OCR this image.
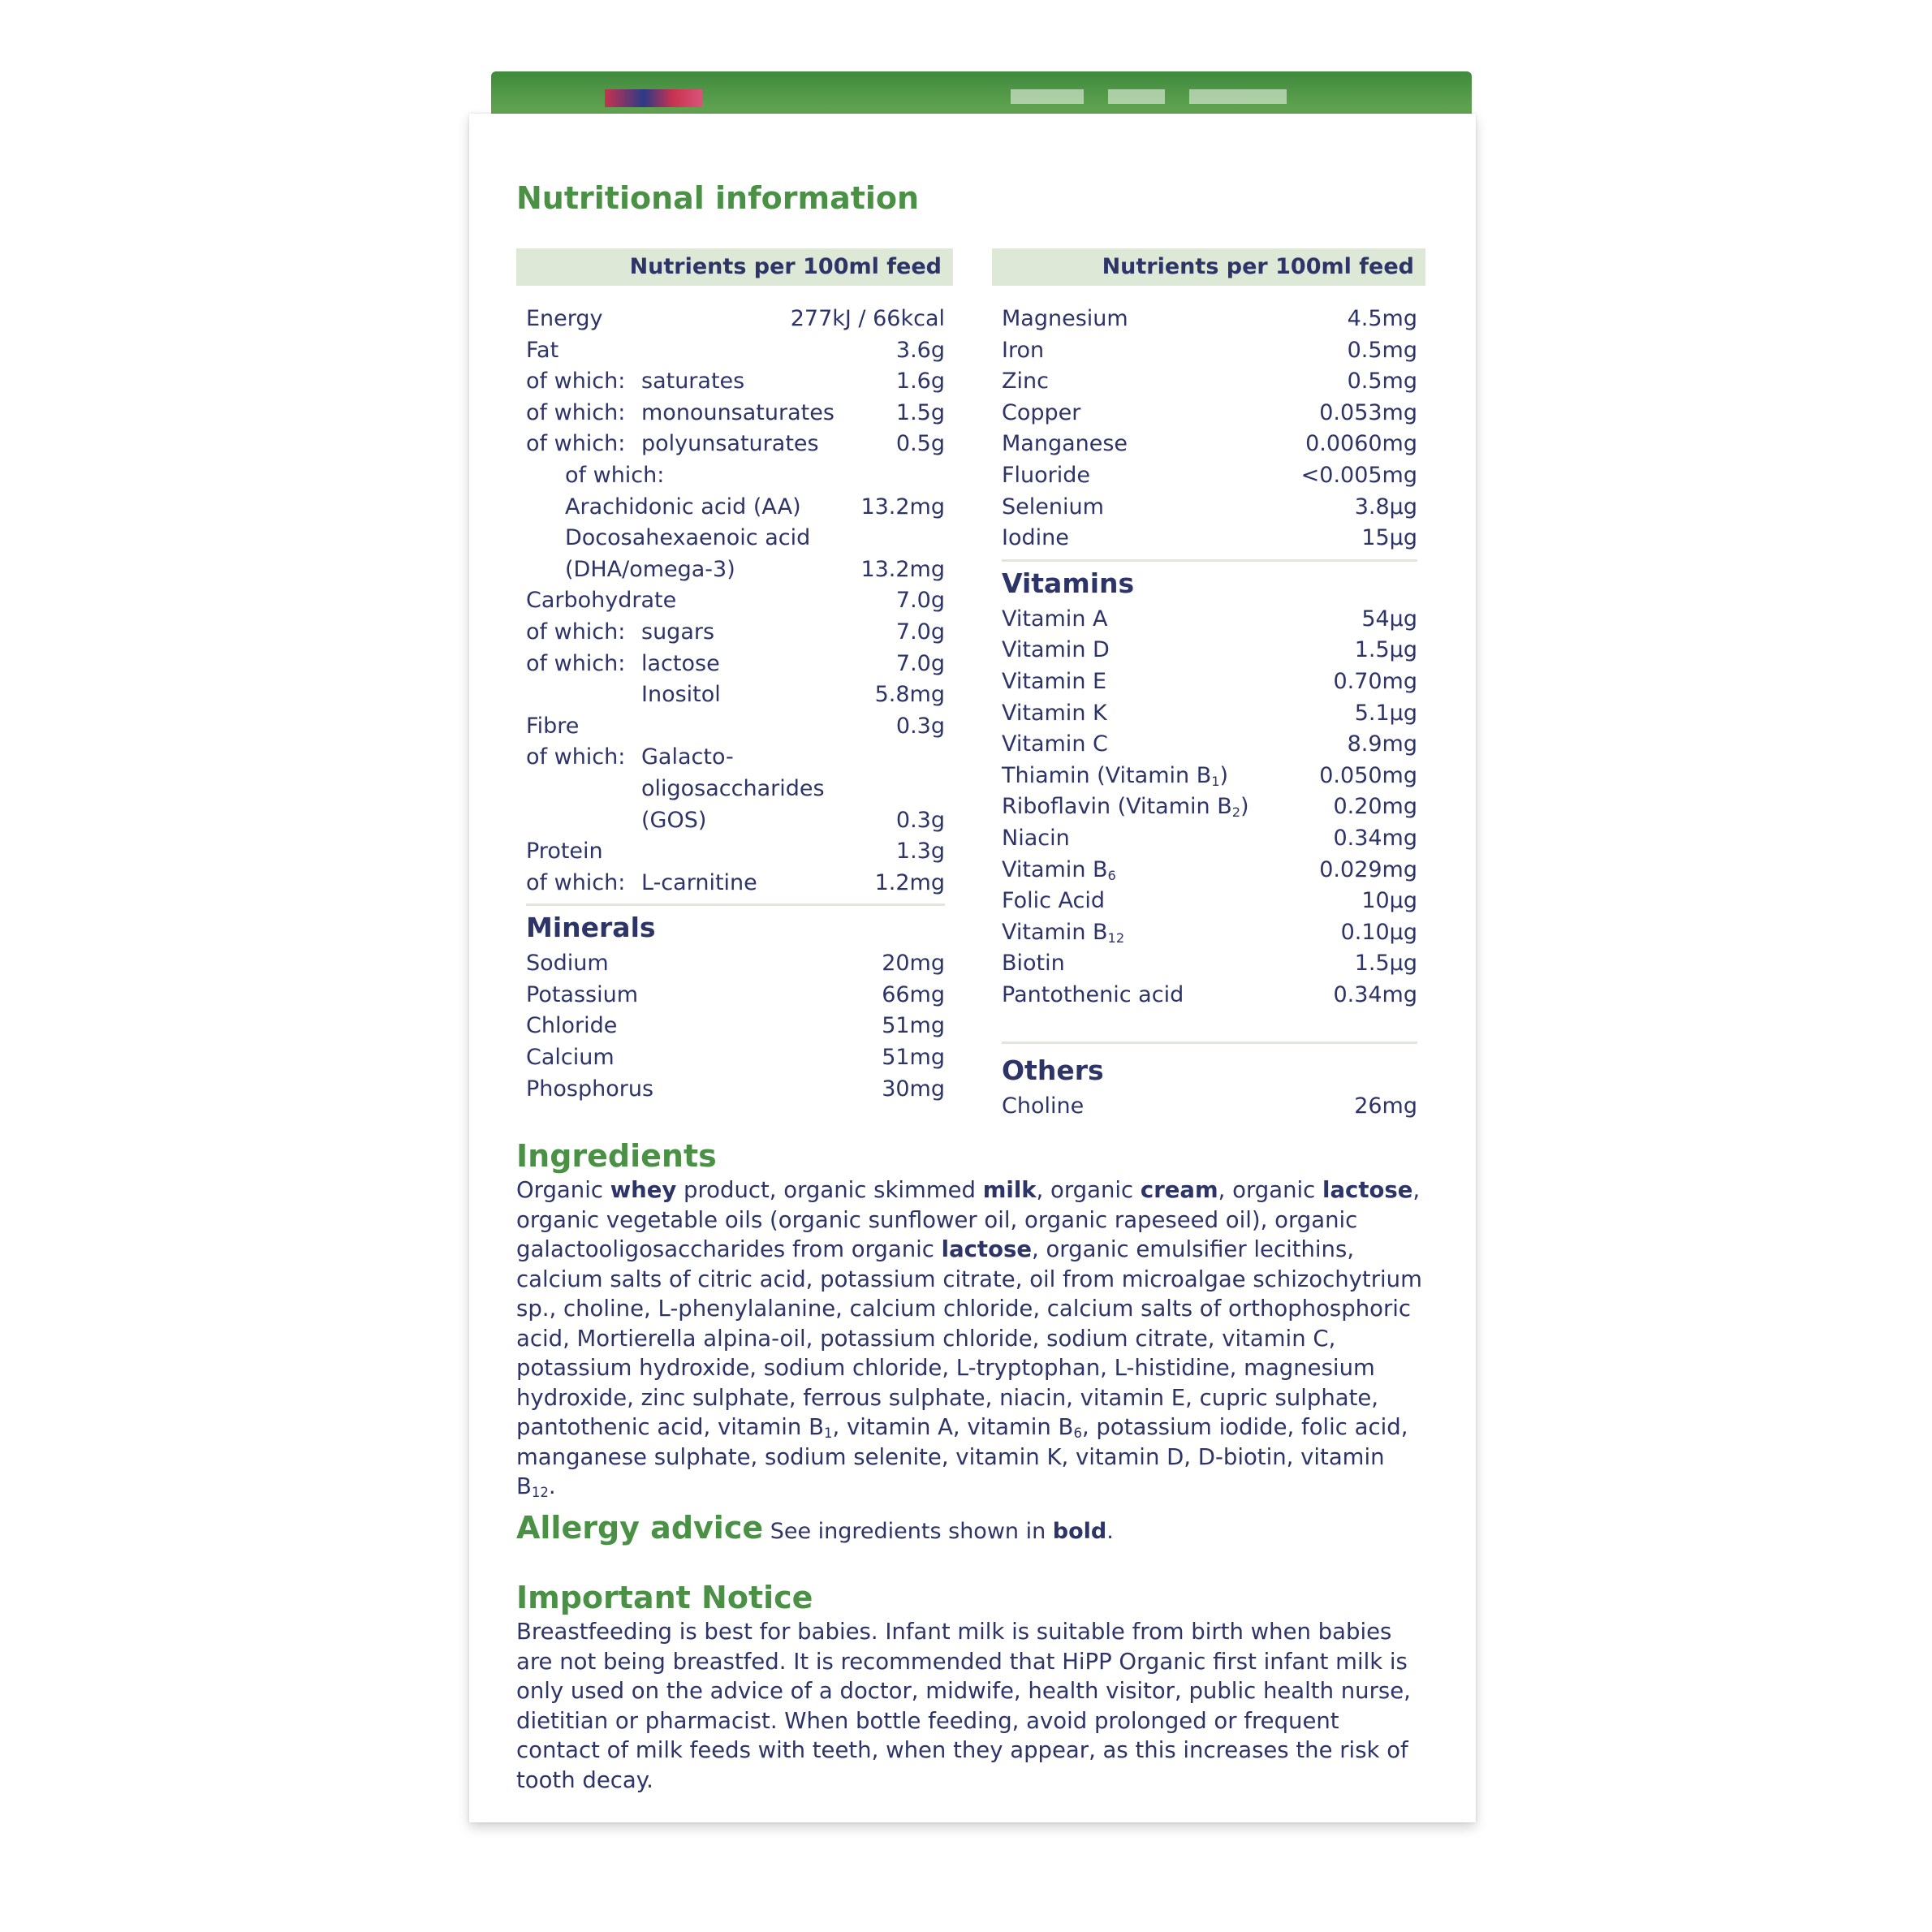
Nutritional information
Nutrients per 100ml feed
Energy	277kJ / 66kcal
Fat	3.6g
of which: saturates	1.6g
of which: monounsaturates	1.5g
of which: polyunsaturates	0.5g
of which:
Arachidonic acid (AA)	13.2mg
Docosahexaenoic acid
(DHA/omega-3)	13.2mg
Carbohydrate	7.0g
of which: sugars	7.0g
of which: lactose	7.0g
Inositol	5.8mg
Fibre	0.3g
of which: Galacto-
oligosaccharides
(GOS)	0.3g
Protein	1.3g
of which: L-carnitine	1.2mg
Minerals
Sodium	20mg
Potassium	66mg
Chloride	51mg
Calcium	51mg
Phosphorus	30mg
Nutrients per 100ml feed
Magnesium	4.5mg
Iron	0.5mg
Zinc	0.5mg
Copper	0.053mg
Manganese	0.0060mg
Fluoride	<0.005mg
Selenium	3.8µg
Iodine	15µg
Vitamins
Vitamin A	54µg
Vitamin D	1.5µg
Vitamin E	0.70mg
Vitamin K	5.1µg
Vitamin C	8.9mg
Thiamin (Vitamin $B_1$)	0.050mg
Riboflavin (Vitamin $B_2$)	0.20mg
Niacin	0.34mg
Vitamin $B_6$	0.029mg
Folic Acid	10µg
Vitamin $B_{12}$	0.10µg
Biotin	1.5µg
Pantothenic acid	0.34mg
Others
Choline	26mg
Ingredients
Organic whey product, organic skimmed milk, organic cream, organic lactose, organic vegetable oils (organic sunflower oil, organic rapeseed oil), organic galactooligosaccharides from organic lactose, organic emulsifier lecithins, calcium salts of citric acid, potassium citrate, oil from microalgae schizochytrium sp., choline, L-phenylalanine, calcium chloride, calcium salts of orthophosphoric acid, Mortierella alpina-oil, potassium chloride, sodium citrate, vitamin C, potassium hydroxide, sodium chloride, L-tryptophan, L-histidine, magnesium hydroxide, zinc sulphate, ferrous sulphate, niacin, vitamin E, cupric sulphate, pantothenic acid, vitamin $B_1$, vitamin A, vitamin $B_6$, potassium iodide, folic acid, manganese sulphate, sodium selenite, vitamin K, vitamin D, D-biotin, vitamin $B_{12}$.
Allergy advice See ingredients shown in bold.
Important Notice
Breastfeeding is best for babies. Infant milk is suitable from birth when babies are not being breastfed. It is recommended that HiPP Organic first infant milk is only used on the advice of a doctor, midwife, health visitor, public health nurse, dietitian or pharmacist. When bottle feeding, avoid prolonged or frequent contact of milk feeds with teeth, when they appear, as this increases the risk of tooth decay.
